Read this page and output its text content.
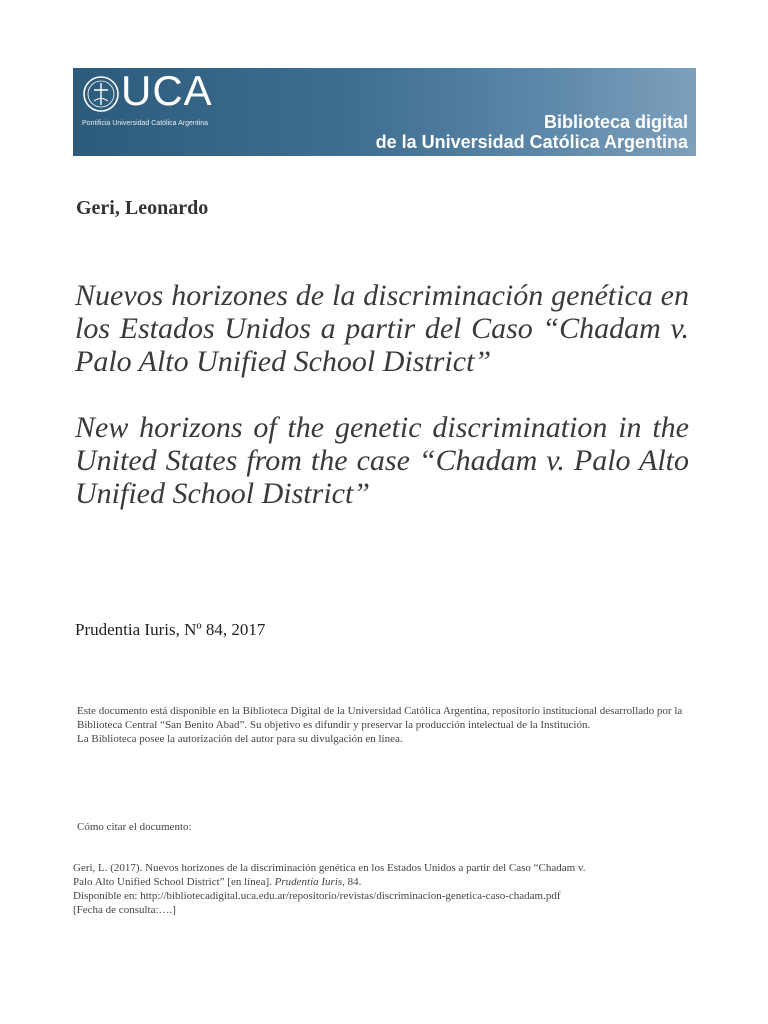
UCA
Pontificia Universidad Católica Argentina	Biblioteca digital
de la Universidad Católica Argentina
Geri, Leonardo
Nuevos horizones de la discriminación genética en los Estados Unidos a partir del Caso “Chadam v. Palo Alto Unified School District”
New horizons of the genetic discrimination in the United States from the case “Chadam v. Palo Alto Unified School District”
Prudentia Iuris, Nº 84, 2017

Este documento está disponible en la Biblioteca Digital de la Universidad Católica Argentina, repositorio institucional desarrollado por la Biblioteca Central “San Benito Abad”. Su objetivo es difundir y preservar la producción intelectual de la Institución.

La Biblioteca posee la autorización del autor para su divulgación en línea.

Cómo citar el documento:
Geri, L. (2017). Nuevos horizones de la discriminación genética en los Estados Unidos a partir del Caso “Chadam v.
Palo Alto Unified School District” [en línea]. Prudentia Iuris, 84.
Disponible en: http://bibliotecadigital.uca.edu.ar/repositorio/revistas/discriminacion-genetica-caso-chadam.pdf
[Fecha de consulta:….]
